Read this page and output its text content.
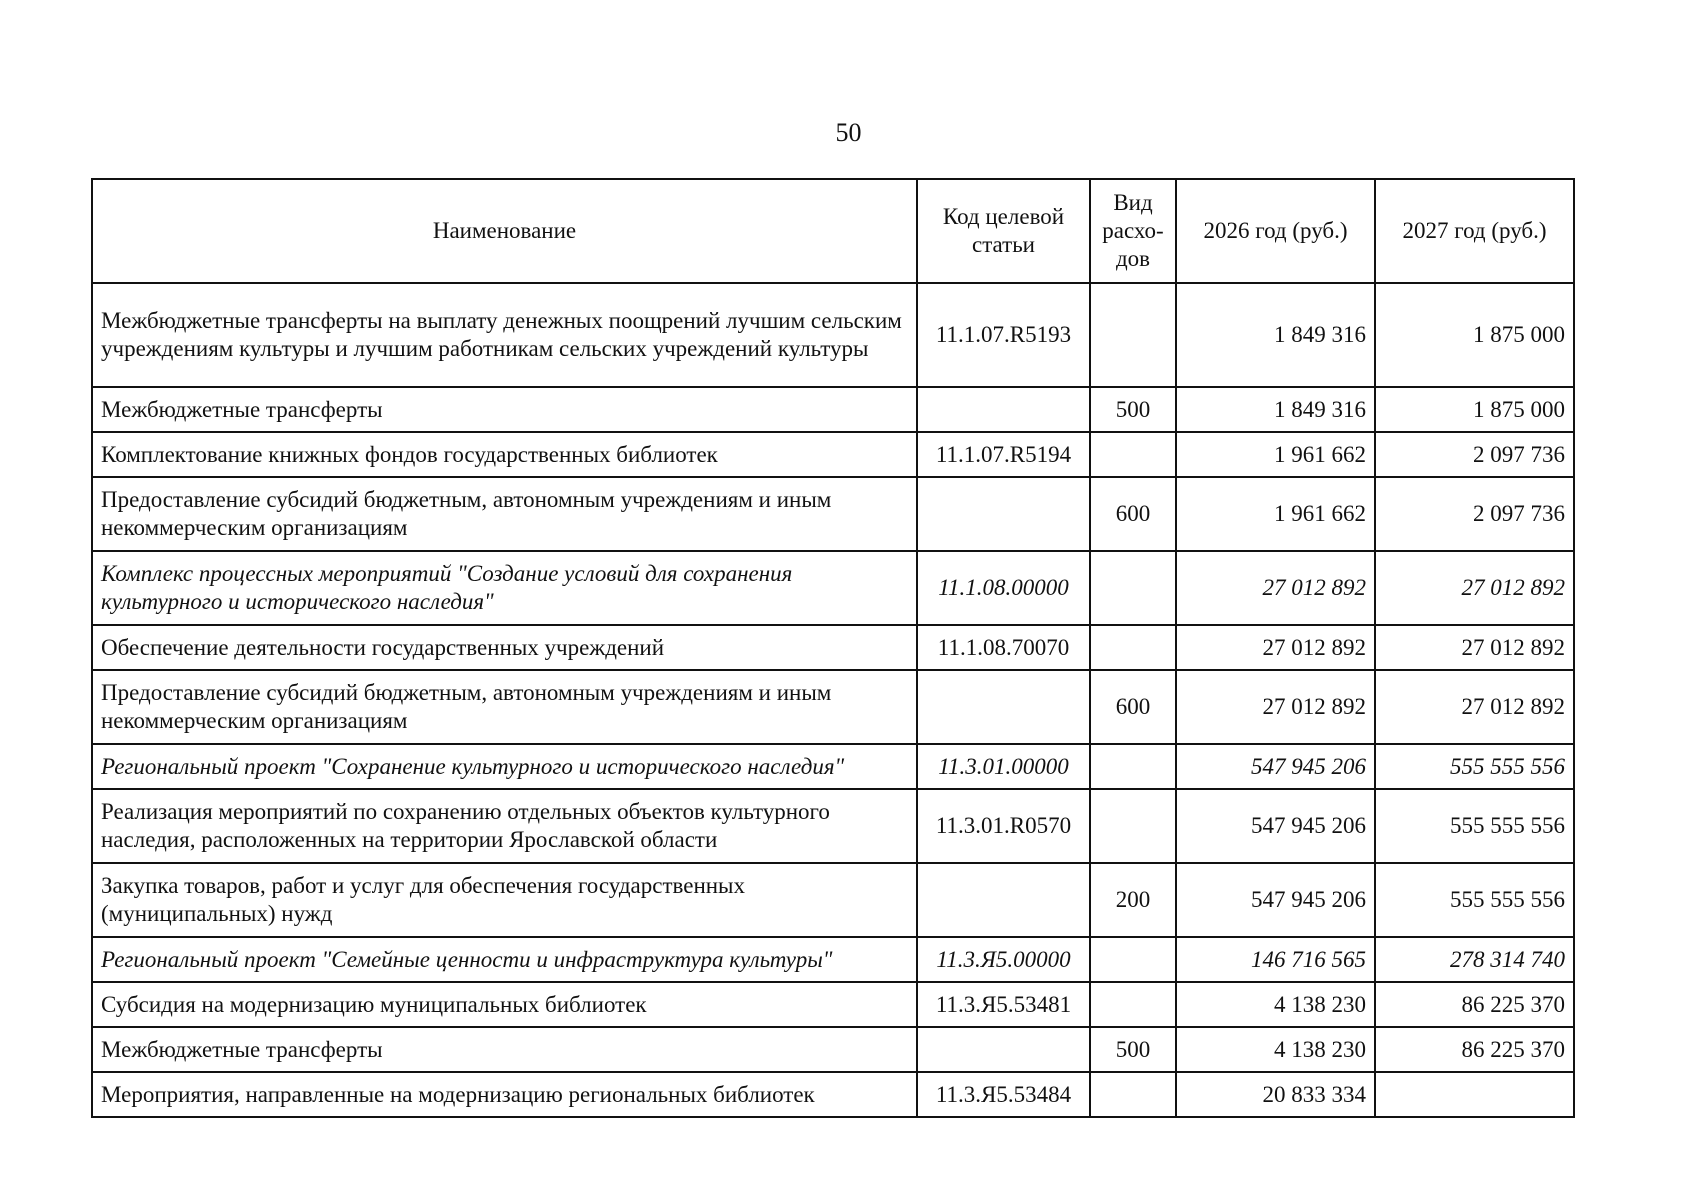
50
Наименование	Код целевой статьи	Вид расхо-дов	2026 год (руб.)	2027 год (руб.)
Межбюджетные трансферты на выплату денежных поощрений лучшим сельским учреждениям культуры и лучшим работникам сельских учреждений культуры	11.1.07.R5193		1 849 316	1 875 000
Межбюджетные трансферты		500	1 849 316	1 875 000
Комплектование книжных фондов государственных библиотек	11.1.07.R5194		1 961 662	2 097 736
Предоставление субсидий бюджетным, автономным учреждениям и иным некоммерческим организациям		600	1 961 662	2 097 736
Комплекс процессных мероприятий "Создание условий для сохранения культурного и исторического наследия"	11.1.08.00000		27 012 892	27 012 892
Обеспечение деятельности государственных учреждений	11.1.08.70070		27 012 892	27 012 892
Предоставление субсидий бюджетным, автономным учреждениям и иным некоммерческим организациям		600	27 012 892	27 012 892
Региональный проект "Сохранение культурного и исторического наследия"	11.3.01.00000		547 945 206	555 555 556
Реализация мероприятий по сохранению отдельных объектов культурного наследия, расположенных на территории Ярославской области	11.3.01.R0570		547 945 206	555 555 556
Закупка товаров, работ и услуг для обеспечения государственных (муниципальных) нужд		200	547 945 206	555 555 556
Региональный проект "Семейные ценности и инфраструктура культуры"	11.3.Я5.00000		146 716 565	278 314 740
Субсидия на модернизацию муниципальных библиотек	11.3.Я5.53481		4 138 230	86 225 370
Межбюджетные трансферты		500	4 138 230	86 225 370
Мероприятия, направленные на модернизацию региональных библиотек	11.3.Я5.53484		20 833 334	
